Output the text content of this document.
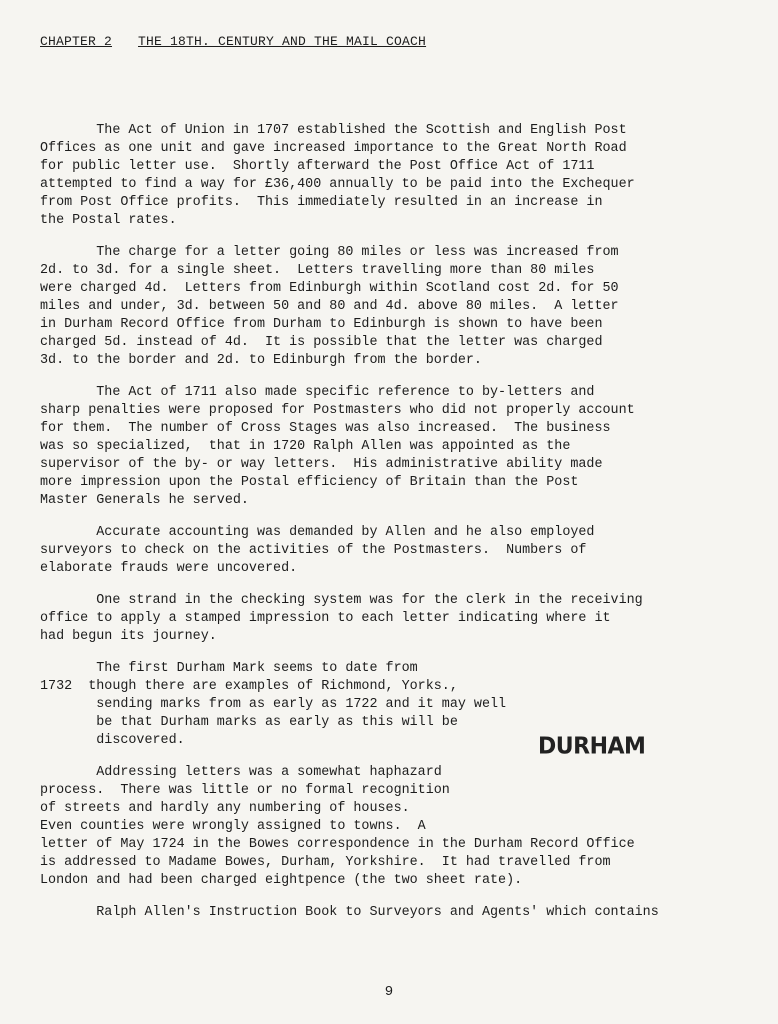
CHAPTER 2 THE 18TH. CENTURY AND THE MAIL COACH

The Act of Union in 1707 established the Scottish and English Post
Offices as one unit and gave increased importance to the Great North Road
for public letter use.  Shortly afterward the Post Office Act of 1711
attempted to find a way for £36,400 annually to be paid into the Exchequer
from Post Office profits.  This immediately resulted in an increase in
the Postal rates.

The charge for a letter going 80 miles or less was increased from
2d. to 3d. for a single sheet.  Letters travelling more than 80 miles
were charged 4d.  Letters from Edinburgh within Scotland cost 2d. for 50
miles and under, 3d. between 50 and 80 and 4d. above 80 miles.  A letter
in Durham Record Office from Durham to Edinburgh is shown to have been
charged 5d. instead of 4d.  It is possible that the letter was charged
3d. to the border and 2d. to Edinburgh from the border.

The Act of 1711 also made specific reference to by-letters and
sharp penalties were proposed for Postmasters who did not properly account
for them.  The number of Cross Stages was also increased.  The business
was so specialized,  that in 1720 Ralph Allen was appointed as the
supervisor of the by- or way letters.  His administrative ability made
more impression upon the Postal efficiency of Britain than the Post
Master Generals he served.

Accurate accounting was demanded by Allen and he also employed
surveyors to check on the activities of the Postmasters.  Numbers of
elaborate frauds were uncovered.

One strand in the checking system was for the clerk in the receiving
office to apply a stamped impression to each letter indicating where it
had begun its journey.

The first Durham Mark seems to date from
1732  though there are examples of Richmond, Yorks.,
sending marks from as early as 1722 and it may well
be that Durham marks as early as this will be
discovered.	DURHAM

Addressing letters was a somewhat haphazard
process.  There was little or no formal recognition
of streets and hardly any numbering of houses.
Even counties were wrongly assigned to towns.  A
letter of May 1724 in the Bowes correspondence in the Durham Record Office
is addressed to Madame Bowes, Durham, Yorkshire.  It had travelled from
London and had been charged eightpence (the two sheet rate).

Ralph Allen's Instruction Book to Surveyors and Agents' which contains

9
